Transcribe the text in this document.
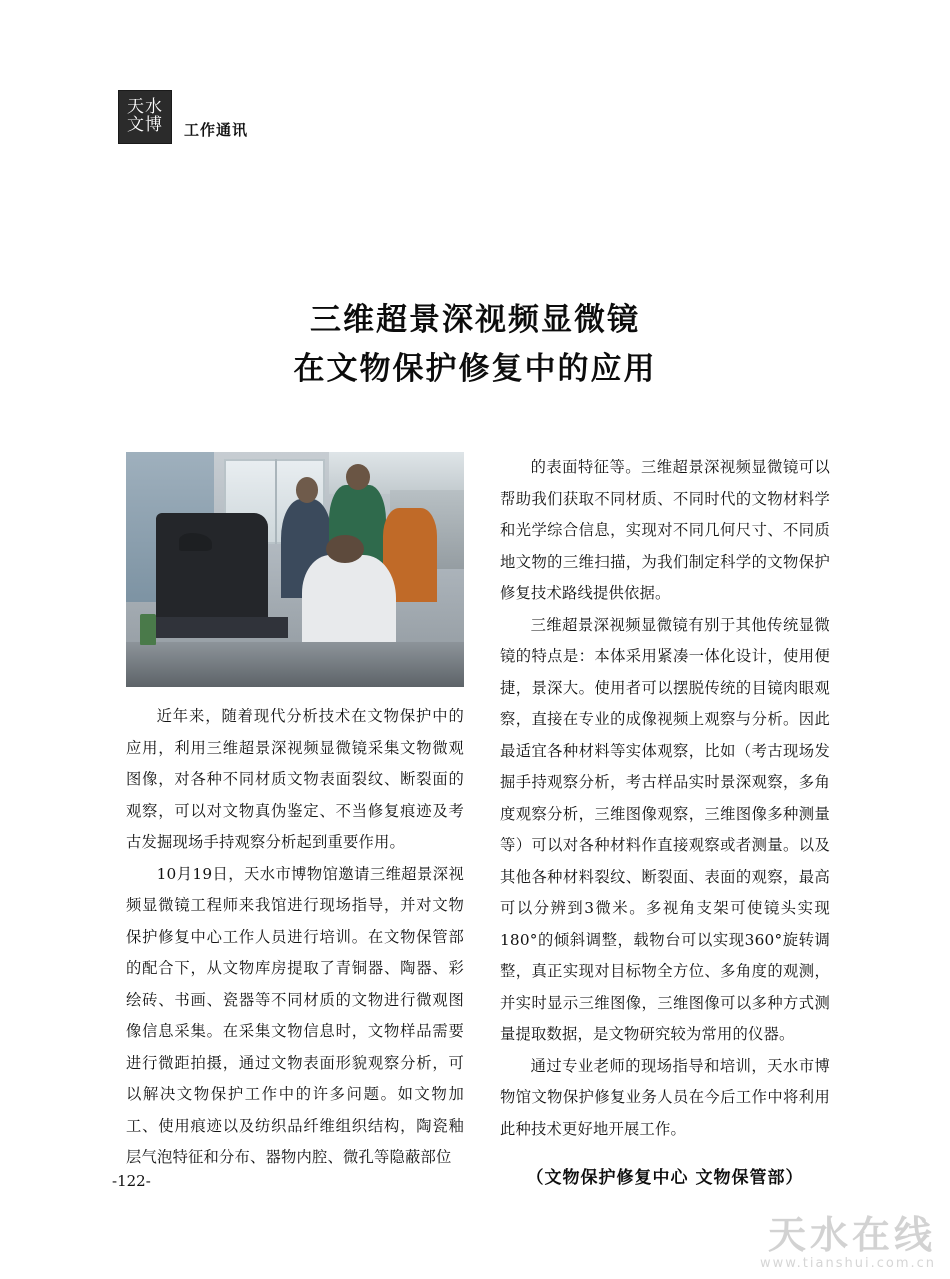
天水
文博 工作通讯
三维超景深视频显微镜
在文物保护修复中的应用

近年来，随着现代分析技术在文物保护中的应用，利用三维超景深视频显微镜采集文物微观图像，对各种不同材质文物表面裂纹、断裂面的观察，可以对文物真伪鉴定、不当修复痕迹及考古发掘现场手持观察分析起到重要作用。

10月19日，天水市博物馆邀请三维超景深视频显微镜工程师来我馆进行现场指导，并对文物保护修复中心工作人员进行培训。在文物保管部的配合下，从文物库房提取了青铜器、陶器、彩绘砖、书画、瓷器等不同材质的文物进行微观图像信息采集。在采集文物信息时，文物样品需要进行微距拍摄，通过文物表面形貌观察分析，可以解决文物保护工作中的许多问题。如文物加工、使用痕迹以及纺织品纤维组织结构，陶瓷釉层气泡特征和分布、器物内腔、微孔等隐蔽部位

的表面特征等。三维超景深视频显微镜可以帮助我们获取不同材质、不同时代的文物材料学和光学综合信息，实现对不同几何尺寸、不同质地文物的三维扫描，为我们制定科学的文物保护修复技术路线提供依据。

三维超景深视频显微镜有别于其他传统显微镜的特点是：本体采用紧凑一体化设计，使用便捷，景深大。使用者可以摆脱传统的目镜肉眼观察，直接在专业的成像视频上观察与分析。因此最适宜各种材料等实体观察，比如（考古现场发掘手持观察分析，考古样品实时景深观察，多角度观察分析，三维图像观察，三维图像多种测量等）可以对各种材料作直接观察或者测量。以及其他各种材料裂纹、断裂面、表面的观察，最高可以分辨到3微米。多视角支架可使镜头实现180°的倾斜调整，载物台可以实现360°旋转调整，真正实现对目标物全方位、多角度的观测，并实时显示三维图像，三维图像可以多种方式测量提取数据，是文物研究较为常用的仪器。

通过专业老师的现场指导和培训，天水市博物馆文物保护修复业务人员在今后工作中将利用此种技术更好地开展工作。

（文物保护修复中心 文物保管部）
-122-
天水在线
www.tianshui.com.cn
